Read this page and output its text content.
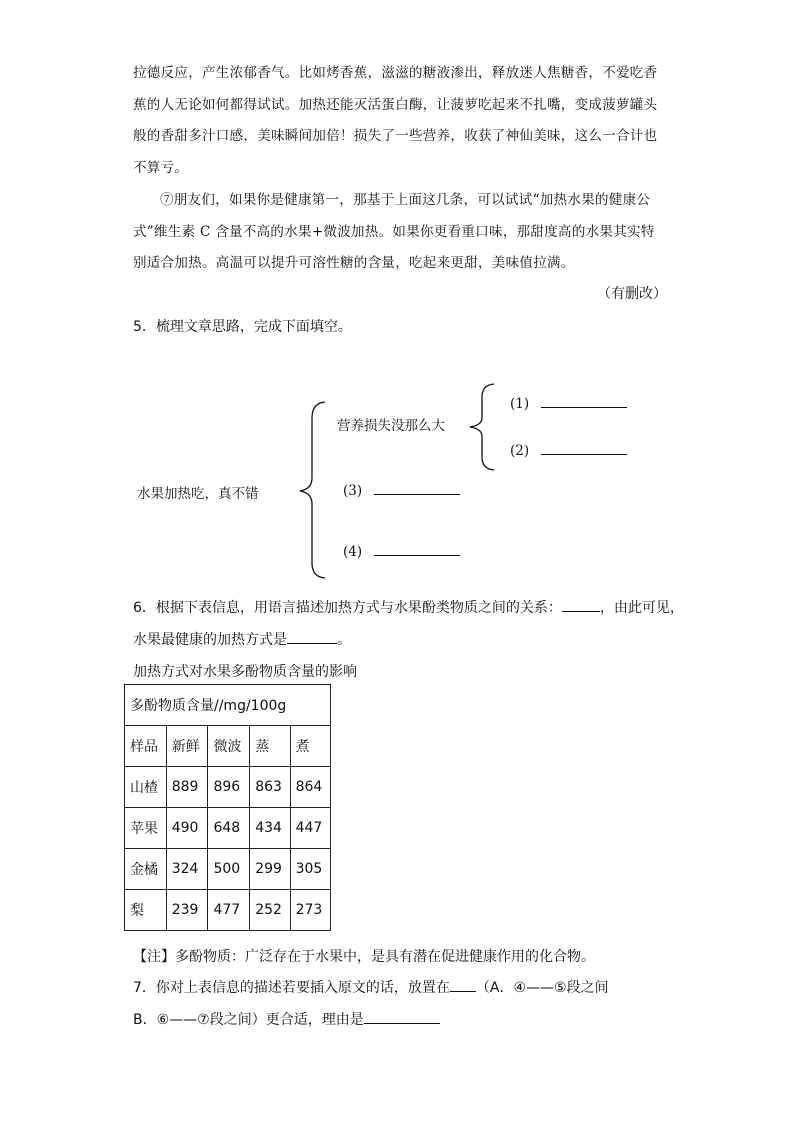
拉德反应，产生浓郁香气。比如烤香蕉，滋滋的糖液渗出，释放迷人焦糖香，不爱吃香
蕉的人无论如何都得试试。加热还能灭活蛋白酶，让菠萝吃起来不扎嘴，变成菠萝罐头
般的香甜多汁口感，美味瞬间加倍！损失了一些营养，收获了神仙美味，这么一合计也
不算亏。
⑦朋友们，如果你是健康第一，那基于上面这几条，可以试试“加热水果的健康公
式”维生素 C 含量不高的水果+微波加热。如果你更看重口味，那甜度高的水果其实特
别适合加热。高温可以提升可溶性糖的含量，吃起来更甜，美味值拉满。
（有删改）
5．梳理文章思路，完成下面填空。
水果加热吃，真不错
营养损失没那么大
(1)
(2)
(3)
(4)
6．根据下表信息，用语言描述加热方式与水果酚类物质之间的关系：	，由此可见，
水果最健康的加热方式是	。
加热方式对水果多酚物质含量的影响
多酚物质含量//mg/100g				
样品	新鲜	微波	蒸	煮
山楂	889	896	863	864
苹果	490	648	434	447
金橘	324	500	299	305
梨	239	477	252	273
【注】多酚物质：广泛存在于水果中，是具有潜在促进健康作用的化合物。
7．你对上表信息的描述若要插入原文的话，放置在 （A．④——⑤段之间
B．⑥——⑦段之间）更合适，理由是
